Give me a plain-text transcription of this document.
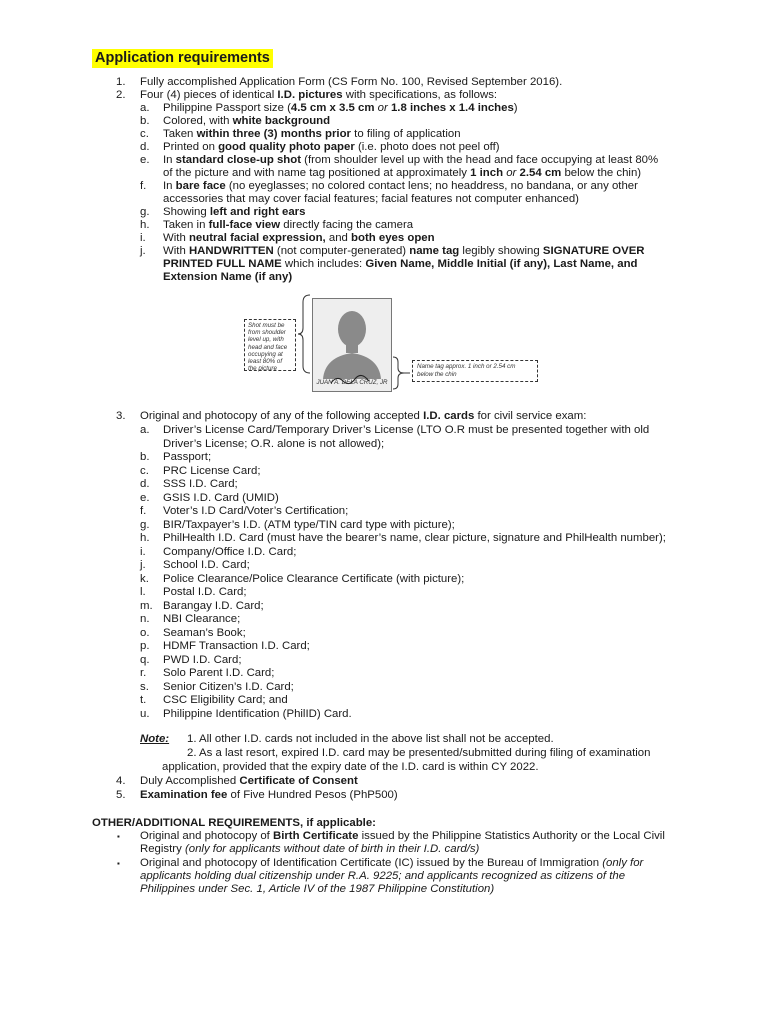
Application requirements
1. Fully accomplished Application Form (CS Form No. 100, Revised September 2016).
2. Four (4) pieces of identical I.D. pictures with specifications, as follows:
a. Philippine Passport size (4.5 cm x 3.5 cm or 1.8 inches x 1.4 inches)
b. Colored, with white background
c. Taken within three (3) months prior to filing of application
d. Printed on good quality photo paper (i.e. photo does not peel off)
e. In standard close-up shot (from shoulder level up with the head and face occupying at least 80%
of the picture and with name tag positioned at approximately 1 inch or 2.54 cm below the chin)
f. In bare face (no eyeglasses; no colored contact lens; no headdress, no bandana, or any other
accessories that may cover facial features; facial features not computer enhanced)
g. Showing left and right ears
h. Taken in full-face view directly facing the camera
i. With neutral facial expression, and both eyes open
j. With HANDWRITTEN (not computer-generated) name tag legibly showing SIGNATURE OVER
PRINTED FULL NAME which includes: Given Name, Middle Initial (if any), Last Name, and
Extension Name (if any)
Shot must be from shoulder level up, with head and face occupying at least 80% of the picture
JUAN A. DELA CRUZ, JR
Name tag approx. 1 inch or 2.54 cm below the chin
3. Original and photocopy of any of the following accepted I.D. cards for civil service exam:
a. Driver’s License Card/Temporary Driver’s License (LTO O.R must be presented together with old
Driver’s License; O.R. alone is not allowed);
b. Passport;
c. PRC License Card;
d. SSS I.D. Card;
e. GSIS I.D. Card (UMID)
f. Voter’s I.D Card/Voter’s Certification;
g. BIR/Taxpayer’s I.D. (ATM type/TIN card type with picture);
h. PhilHealth I.D. Card (must have the bearer’s name, clear picture, signature and PhilHealth number);
i. Company/Office I.D. Card;
j. School I.D. Card;
k. Police Clearance/Police Clearance Certificate (with picture);
l. Postal I.D. Card;
m. Barangay I.D. Card;
n. NBI Clearance;
o. Seaman’s Book;
p. HDMF Transaction I.D. Card;
q. PWD I.D. Card;
r. Solo Parent I.D. Card;
s. Senior Citizen’s I.D. Card;
t. CSC Eligibility Card; and
u. Philippine Identification (PhilID) Card.
Note: 1. All other I.D. cards not included in the above list shall not be accepted.
2. As a last resort, expired I.D. card may be presented/submitted during filing of examination
application, provided that the expiry date of the I.D. card is within CY 2022.
4. Duly Accomplished Certificate of Consent
5. Examination fee of Five Hundred Pesos (PhP500)
OTHER/ADDITIONAL REQUIREMENTS, if applicable:
▪ Original and photocopy of Birth Certificate issued by the Philippine Statistics Authority or the Local Civil
Registry (only for applicants without date of birth in their I.D. card/s)
▪ Original and photocopy of Identification Certificate (IC) issued by the Bureau of Immigration (only for
applicants holding dual citizenship under R.A. 9225; and applicants recognized as citizens of the
Philippines under Sec. 1, Article IV of the 1987 Philippine Constitution)
